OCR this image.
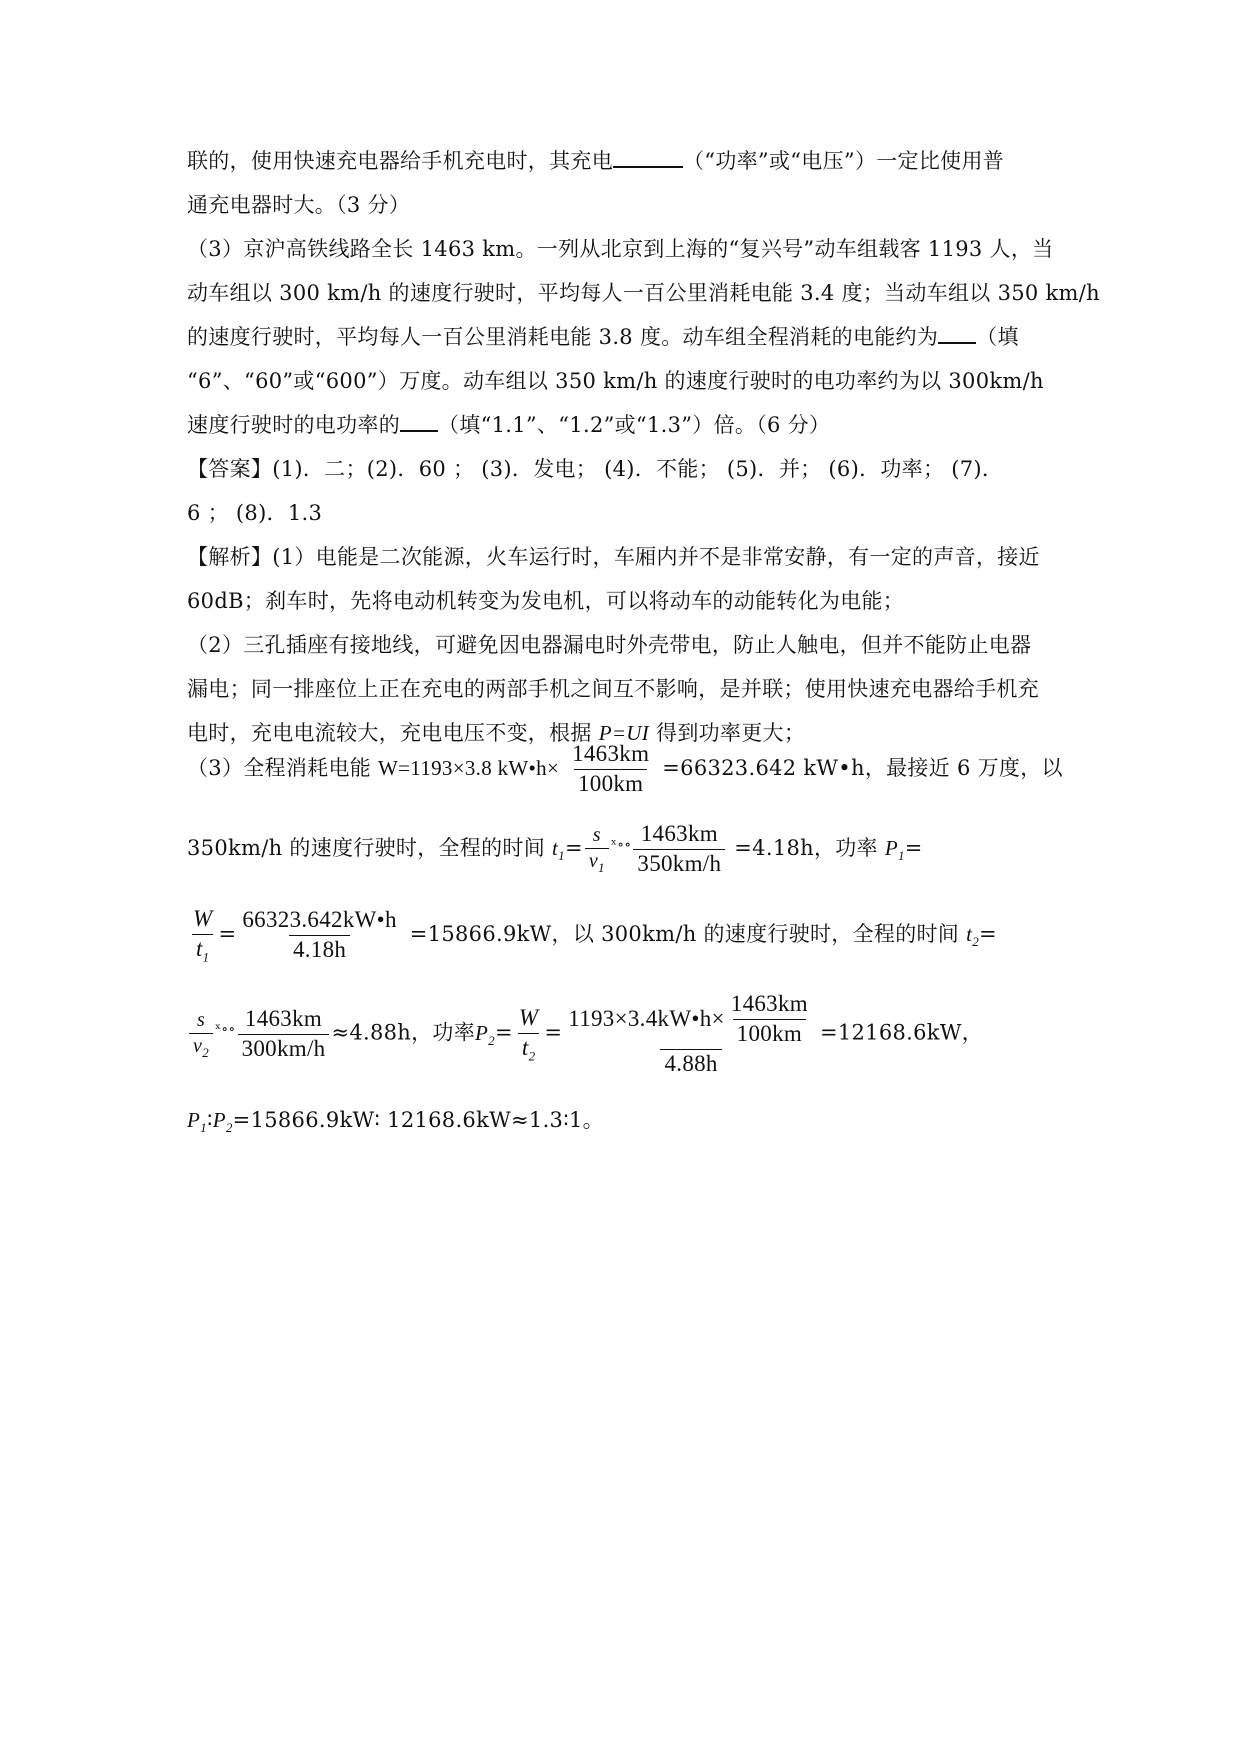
联的，使用快速充电器给手机充电时，其充电	（“功率”或“电压”）一定比使用普
通充电器时大。（3 分）
（3）京沪高铁线路全长 1463 km。一列从北京到上海的“复兴号”动车组载客 1193 人，当
动车组以 300 km/h 的速度行驶时，平均每人一百公里消耗电能 3.4 度；当动车组以 350 km/h
的速度行驶时，平均每人一百公里消耗电能 3.8 度。动车组全程消耗的电能约为 （填
“6”、“60”或“600”）万度。动车组以 350 km/h 的速度行驶时的电功率约为以 300km/h
速度行驶时的电功率的 （填“1.1”、“1.2”或“1.3”）倍。（6 分）
【答案】(1)．二；(2)．60 ； (3)．发电； (4)．不能； (5)．并； (6)．功率； (7)．
6 ； (8)．1.3
【解析】(1）电能是二次能源，火车运行时，车厢内并不是非常安静，有一定的声音，接近
60dB；刹车时，先将电动机转变为发电机，可以将动车的动能转化为电能；
（2）三孔插座有接地线，可避免因电器漏电时外壳带电，防止人触电，但并不能防止电器
漏电；同一排座位上正在充电的两部手机之间互不影响，是并联；使用快速充电器给手机充
电时，充电电流较大，充电电压不变，根据 P=UI 得到功率更大；
（3）全程消耗电能 W=1193×3.8 kW•h× $\frac{1463km}{100km} =66323.642$ kW•h，最接近 6 万度，以
350km/h 的速度行驶时，全程的时间 $t_1= \frac{s}{v_1} ^{ˣ\circ\circ} \frac{1463km}{350km/h} =4.18h$，功率 $P_1=$
$\frac{W}{t_1} = \frac{66323.642kW•h}{4.18h} =15866.9kW$，以 300km/h 的速度行驶时，全程的时间 $t_2=$
$\frac{s}{v_2} ^{ˣ\circ\circ} \frac{1463km}{300km/h} \approx 4.88h$，功率$P_2= \frac{W}{t_2} = \frac{1193\times 3.4kW•h\times \frac{1463km}{100km}}{4.88h} =12168.6kW$，
$P_1∶P_2=15866.9kW∶$ 12168.6kW≈1.3∶1。
